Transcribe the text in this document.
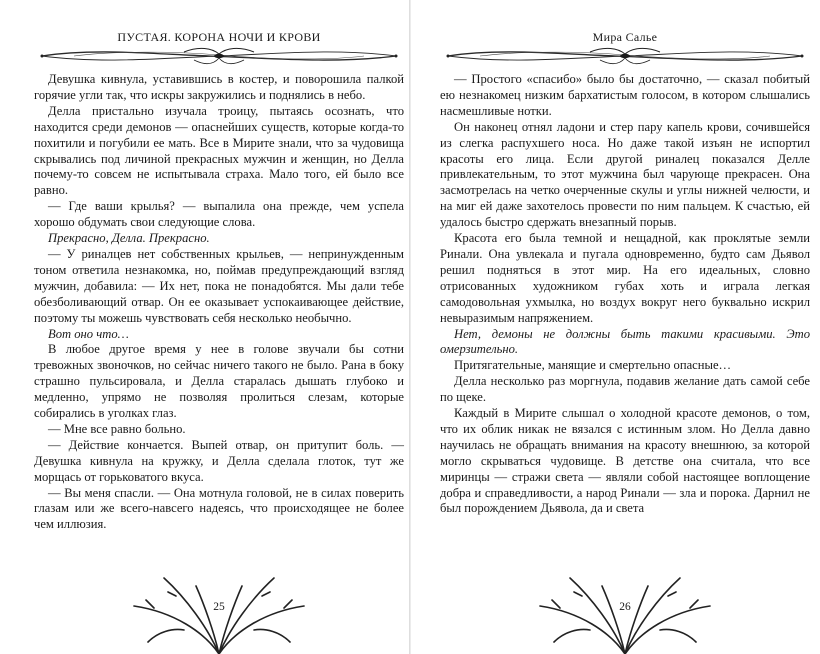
ПУСТАЯ. КОРОНА НОЧИ И КРОВИ

Девушка кивнула, уставившись в костер, и поворошила палкой горячие угли так, что искры закружились и поднялись в небо.

Делла пристально изучала троицу, пытаясь осознать, что находится среди демонов — опаснейших существ, которые когда-то похитили и погубили ее мать. Все в Мирите знали, что за чудовища скрывались под личиной прекрасных мужчин и женщин, но Делла почему-то совсем не испытывала страха. Мало того, ей было все равно.

— Где ваши крылья? — выпалила она прежде, чем успела хорошо обдумать свои следующие слова.

Прекрасно, Делла. Прекрасно.

— У риналцев нет собственных крыльев, — непринужденным тоном ответила незнакомка, но, поймав предупреждающий взгляд мужчин, добавила: — Их нет, пока не понадобятся. Мы дали тебе обезболивающий отвар. Он ее оказывает успокаивающее действие, поэтому ты можешь чувствовать себя несколько необычно.

Вот оно что…

В любое другое время у нее в голове звучали бы сотни тревожных звоночков, но сейчас ничего такого не было. Рана в боку страшно пульсировала, и Делла старалась дышать глубоко и медленно, упрямо не позволяя пролиться слезам, которые собирались в уголках глаз.

— Мне все равно больно.

— Действие кончается. Выпей отвар, он притупит боль. — Девушка кивнула на кружку, и Делла сделала глоток, тут же морщась от горьковатого вкуса.

— Вы меня спасли. — Она мотнула головой, не в силах поверить глазам или же всего-навсего надеясь, что происходящее не более чем иллюзия.

25
Мира Салье

— Простого «спасибо» было бы достаточно, — сказал побитый ею незнакомец низким бархатистым голосом, в котором слышались насмешливые нотки.

Он наконец отнял ладони и стер пару капель крови, сочившейся из слегка распухшего носа. Но даже такой изъян не испортил красоты его лица. Если другой риналец показался Делле привлекательным, то этот мужчина был чарующе прекрасен. Она засмотрелась на четко очерченные скулы и углы нижней челюсти, и на миг ей даже захотелось провести по ним пальцем. К счастью, ей удалось быстро сдержать внезапный порыв.

Красота его была темной и нещадной, как проклятые земли Ринали. Она увлекала и пугала одновременно, будто сам Дьявол решил подняться в этот мир. На его идеальных, словно отрисованных художником губах хоть и играла легкая самодовольная ухмылка, но воздух вокруг него буквально искрил невыразимым напряжением.

Нет, демоны не должны быть такими красивыми. Это омерзительно.

Притягательные, манящие и смертельно опасные…

Делла несколько раз моргнула, подавив желание дать самой себе по щеке.

Каждый в Мирите слышал о холодной красоте демонов, о том, что их облик никак не вязался с истинным злом. Но Делла давно научилась не обращать внимания на красоту внешнюю, за которой могло скрываться чудовище. В детстве она считала, что все миринцы — стражи света — являли собой настоящее воплощение добра и справедливости, а народ Ринали — зла и порока. Дарнил не был порождением Дьявола, да и света

26
